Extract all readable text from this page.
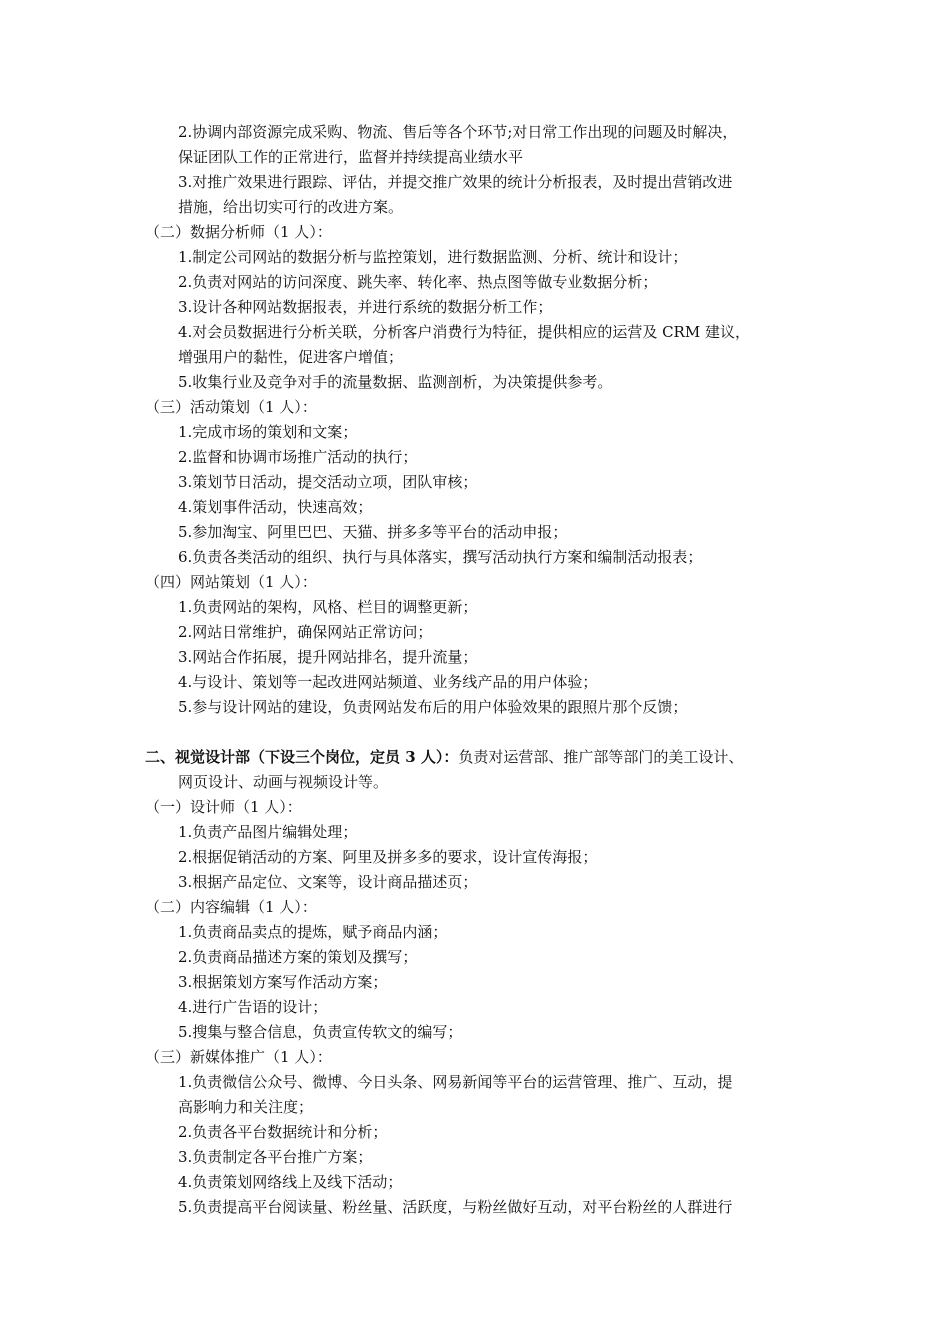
2.协调内部资源完成采购、物流、售后等各个环节;对日常工作出现的问题及时解决，
保证团队工作的正常进行，监督并持续提高业绩水平
3.对推广效果进行跟踪、评估，并提交推广效果的统计分析报表，及时提出营销改进
措施，给出切实可行的改进方案。
（二）数据分析师（1 人）：
1.制定公司网站的数据分析与监控策划，进行数据监测、分析、统计和设计；
2.负责对网站的访问深度、跳失率、转化率、热点图等做专业数据分析；
3.设计各种网站数据报表，并进行系统的数据分析工作；
4.对会员数据进行分析关联，分析客户消费行为特征，提供相应的运营及 CRM 建议，
增强用户的黏性，促进客户增值；
5.收集行业及竞争对手的流量数据、监测剖析，为决策提供参考。
（三）活动策划（1 人）：
1.完成市场的策划和文案；
2.监督和协调市场推广活动的执行；
3.策划节日活动，提交活动立项，团队审核；
4.策划事件活动，快速高效；
5.参加淘宝、阿里巴巴、天猫、拼多多等平台的活动申报；
6.负责各类活动的组织、执行与具体落实，撰写活动执行方案和编制活动报表；
（四）网站策划（1 人）：
1.负责网站的架构，风格、栏目的调整更新；
2.网站日常维护，确保网站正常访问；
3.网站合作拓展，提升网站排名，提升流量；
4.与设计、策划等一起改进网站频道、业务线产品的用户体验；
5.参与设计网站的建设，负责网站发布后的用户体验效果的跟照片那个反馈；
二、视觉设计部（下设三个岗位，定员 3 人）：负责对运营部、推广部等部门的美工设计、
网页设计、动画与视频设计等。
（一）设计师（1 人）：
1.负责产品图片编辑处理；
2.根据促销活动的方案、阿里及拼多多的要求，设计宣传海报；
3.根据产品定位、文案等，设计商品描述页；
（二）内容编辑（1 人）：
1.负责商品卖点的提炼，赋予商品内涵；
2.负责商品描述方案的策划及撰写；
3.根据策划方案写作活动方案；
4.进行广告语的设计；
5.搜集与整合信息，负责宣传软文的编写；
（三）新媒体推广（1 人）：
1.负责微信公众号、微博、今日头条、网易新闻等平台的运营管理、推广、互动，提
高影响力和关注度；
2.负责各平台数据统计和分析；
3.负责制定各平台推广方案；
4.负责策划网络线上及线下活动；
5.负责提高平台阅读量、粉丝量、活跃度，与粉丝做好互动，对平台粉丝的人群进行
